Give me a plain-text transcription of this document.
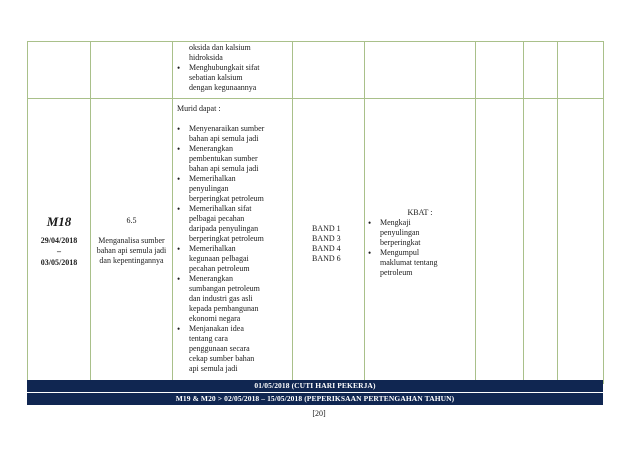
oksida dan kalsium
hidroksida
• Menghubungkait sifat
sebatian kalsium
dengan kegunaannya
M18
29/04/2018
–
03/05/2018
6.5
Menganalisa sumber
bahan api semula jadi
dan kepentingannya
Murid dapat :
• Menyenaraikan sumber
bahan api semula jadi
• Menerangkan
pembentukan sumber
bahan api semula jadi
• Memerihalkan
penyulingan
berperingkat petroleum
• Memerihalkan sifat
pelbagai pecahan
daripada penyulingan
berperingkat petroleum
• Memerihalkan
kegunaan pelbagai
pecahan petroleum
• Menerangkan
sumbangan petroleum
dan industri gas asli
kepada pembangunan
ekonomi negara
• Menjanakan idea
tentang cara
penggunaan secara
cekap sumber bahan
api semula jadi
BAND 1
BAND 3
BAND 4
BAND 6
KBAT :
• Mengkaji
penyulingan
berperingkat
• Mengumpul
maklumat tentang
petroleum
01/05/2018 (CUTI HARI PEKERJA)
M19 & M20 > 02/05/2018 – 15/05/2018 (PEPERIKSAAN PERTENGAHAN TAHUN)
[20]
